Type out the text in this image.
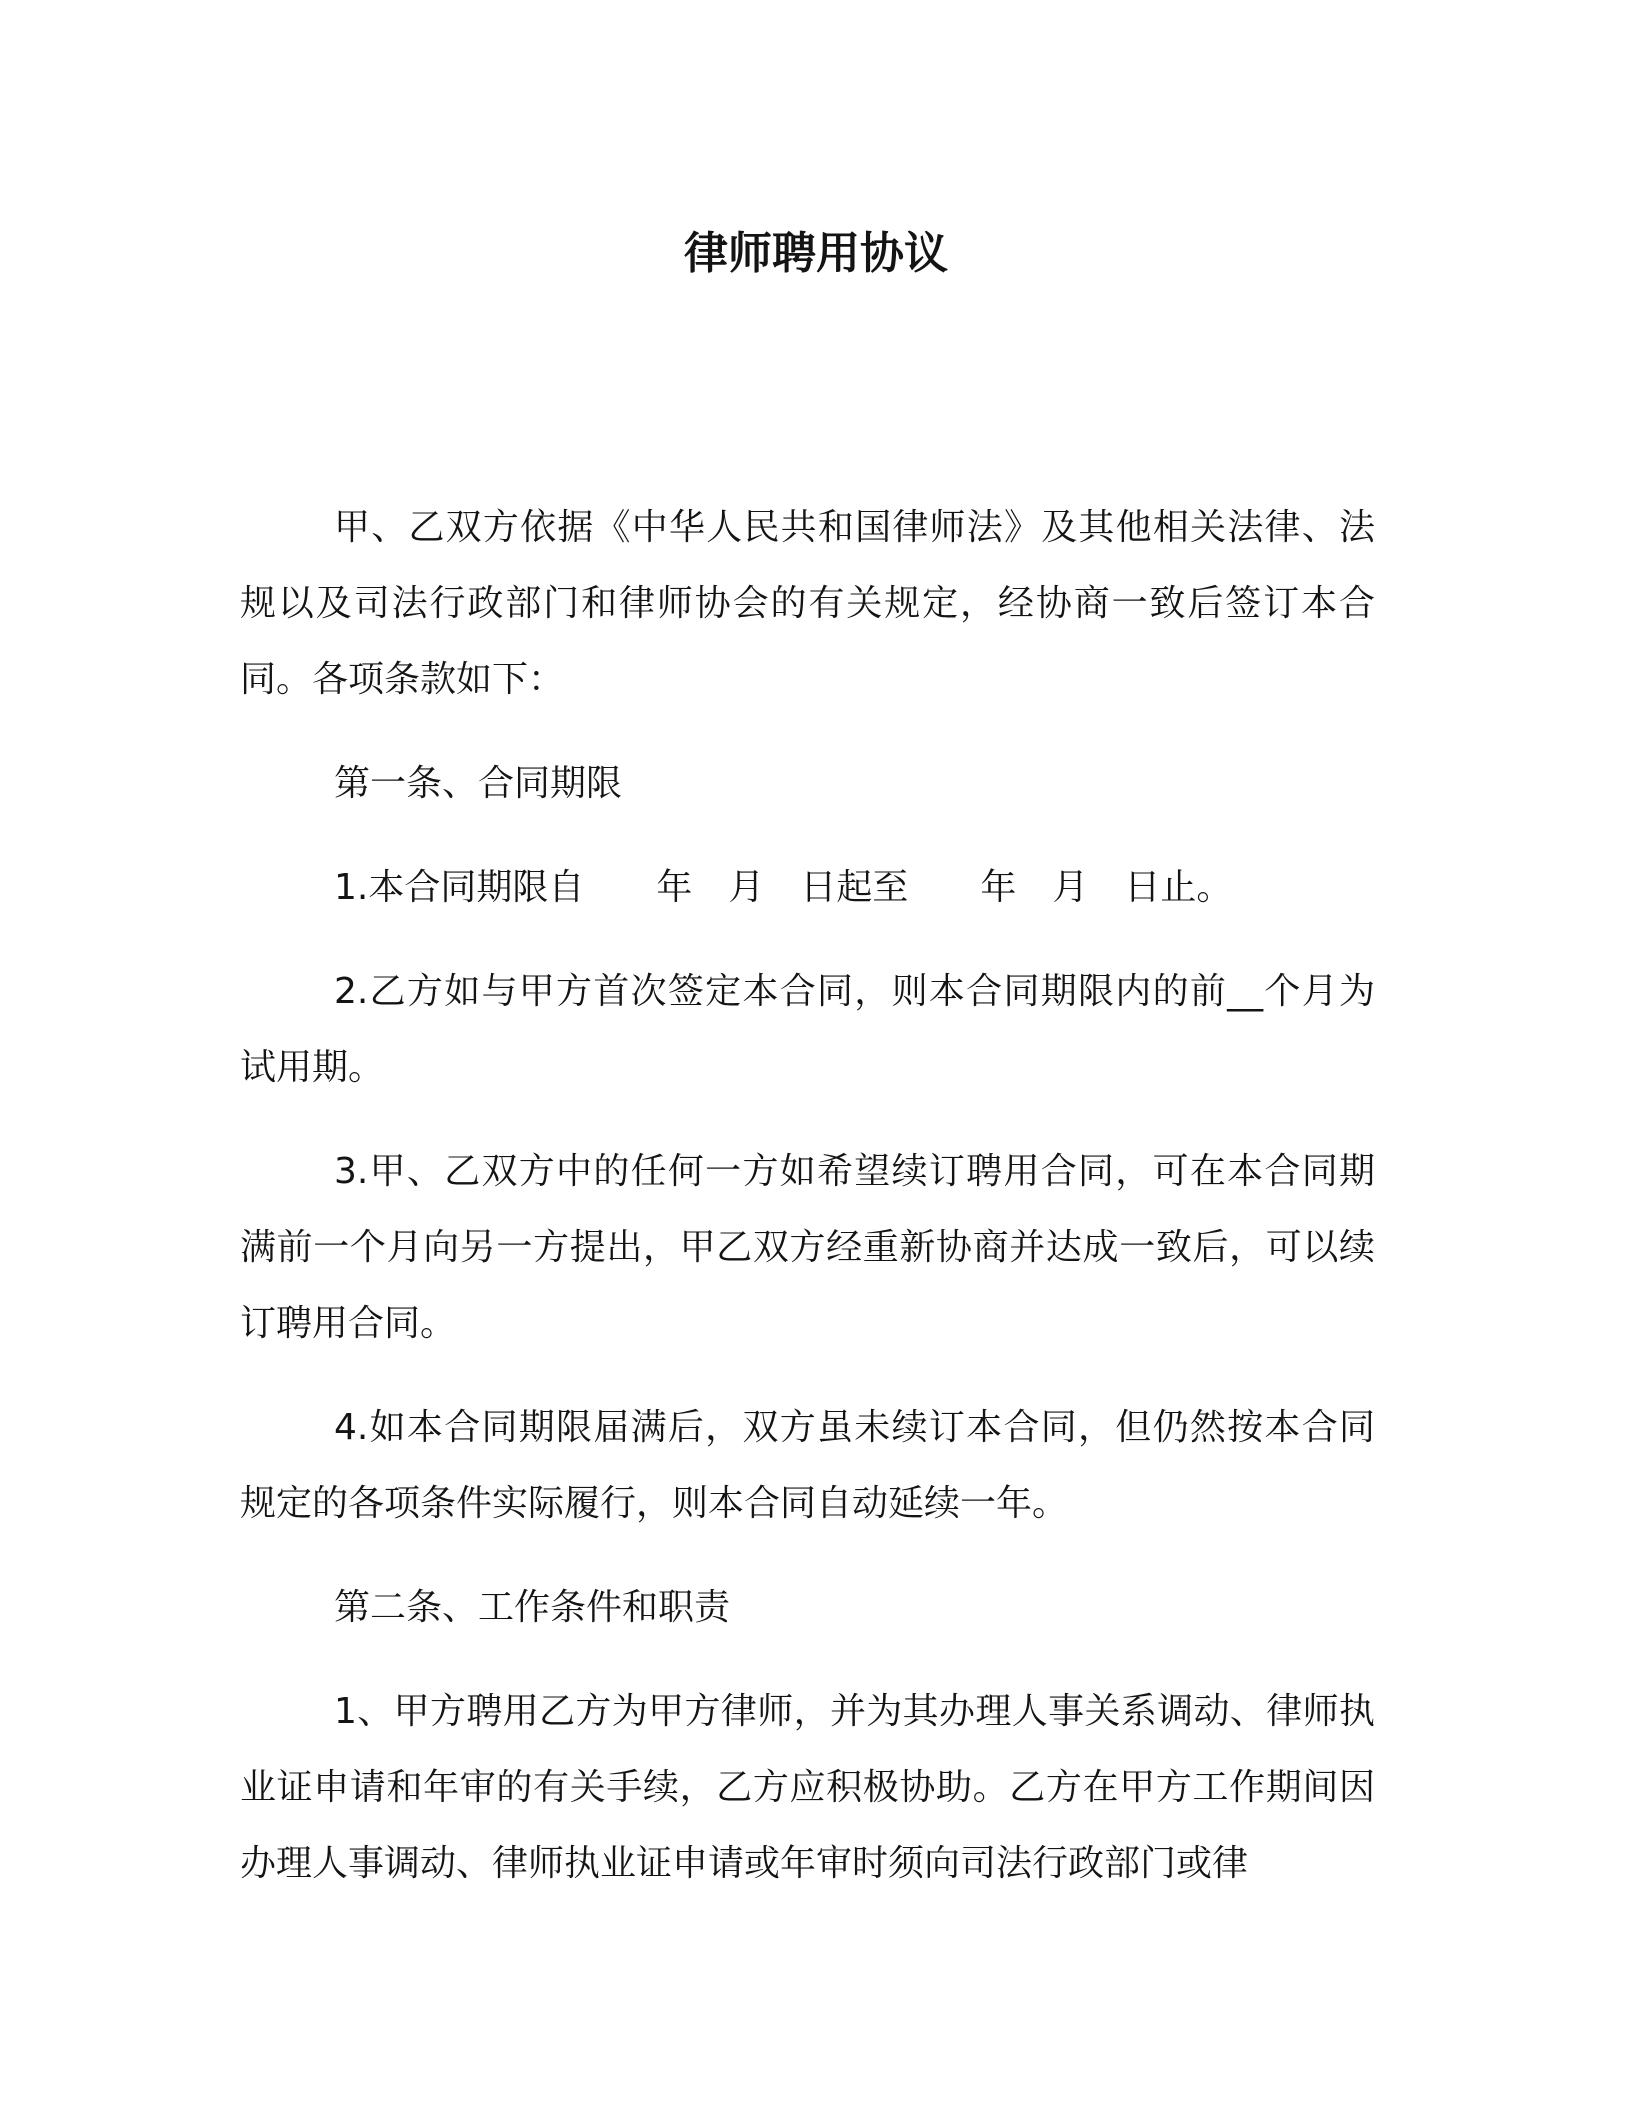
律师聘用协议

甲、乙双方依据《中华人民共和国律师法》及其他相关法律、法规以及司法行政部门和律师协会的有关规定，经协商一致后签订本合同。各项条款如下：

第一条、合同期限

1.本合同期限自　　年　月　日起至　　年　月　日止。

2.乙方如与甲方首次签定本合同，则本合同期限内的前__个月为试用期。

3.甲、乙双方中的任何一方如希望续订聘用合同，可在本合同期满前一个月向另一方提出，甲乙双方经重新协商并达成一致后，可以续订聘用合同。

4.如本合同期限届满后，双方虽未续订本合同，但仍然按本合同规定的各项条件实际履行，则本合同自动延续一年。

第二条、工作条件和职责

1、甲方聘用乙方为甲方律师，并为其办理人事关系调动、律师执业证申请和年审的有关手续，乙方应积极协助。乙方在甲方工作期间因办理人事调动、律师执业证申请或年审时须向司法行政部门或律
